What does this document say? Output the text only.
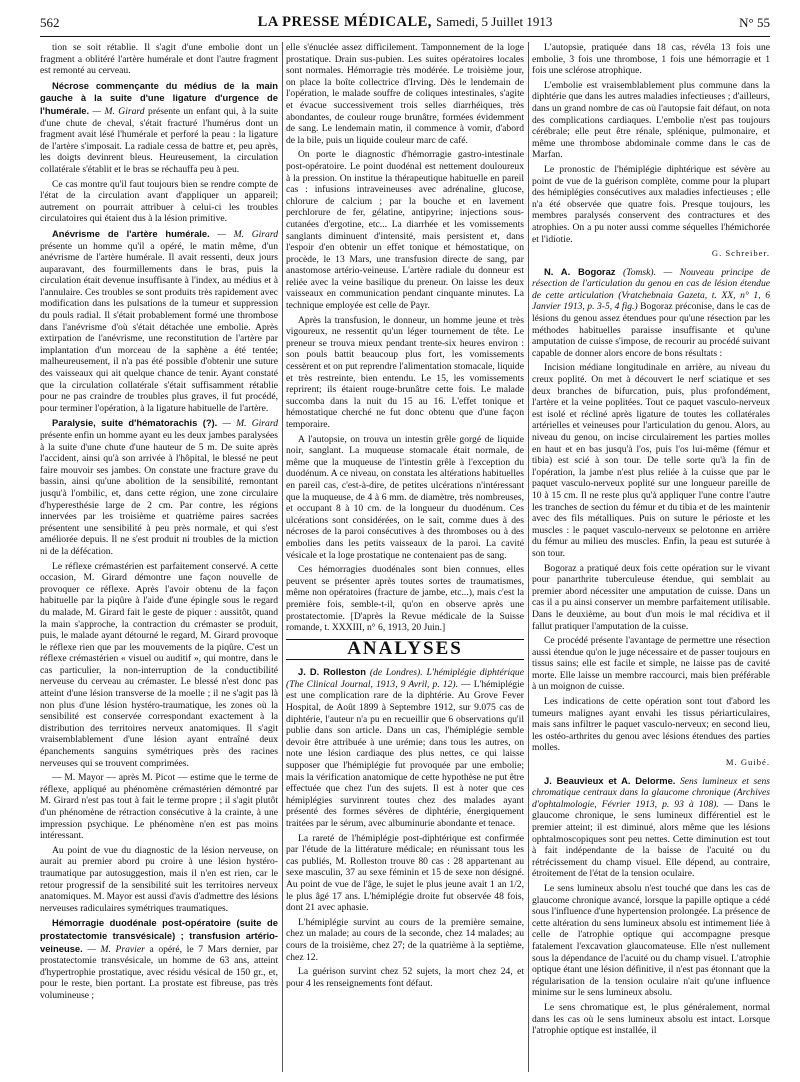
562	LA PRESSE MÉDICALE, Samedi, 5 Juillet 1913	N° 55

tion se soit rétablie. Il s'agit d'une embolie dont un fragment a oblitéré l'artère humérale et dont l'autre fragment est remonté au cerveau.

Nécrose commençante du médius de la main gauche à la suite d'une ligature d'urgence de l'humérale. — M. Girard présente un enfant qui, à la suite d'une chute de cheval, s'était fracturé l'humérus dont un fragment avait lésé l'humérale et perforé la peau : la ligature de l'artère s'imposait. La radiale cessa de battre et, peu après, les doigts devinrent bleus. Heureusement, la circulation collatérale s'établit et le bras se réchauffa peu à peu.

Ce cas montre qu'il faut toujours bien se rendre compte de l'état de la circulation avant d'appliquer un appareil; autrement on pourrait attribuer à celui-ci les troubles circulatoires qui étaient dus à la lésion primitive.

Anévrisme de l'artère humérale. — M. Girard présente un homme qu'il a opéré, le matin même, d'un anévrisme de l'artère humérale. Il avait ressenti, deux jours auparavant, des fourmillements dans le bras, puis la circulation était devenue insuffisante à l'index, au médius et à l'annulaire. Ces troubles se sont produits très rapidement avec modification dans les pulsations de la tumeur et suppression du pouls radial. Il s'était probablement formé une thrombose dans l'anévrisme d'où s'était détachée une embolie. Après extirpation de l'anévrisme, une reconstitution de l'artère par implantation d'un morceau de la saphène a été tentée; malheureusement, il n'a pas été possible d'obtenir une suture des vaisseaux qui ait quelque chance de tenir. Ayant constaté que la circulation collatérale s'était suffisamment rétablie pour ne pas craindre de troubles plus graves, il fut procédé, pour terminer l'opération, à la ligature habituelle de l'artère.

Paralysie, suite d'hématorachis (?). — M. Girard présente enfin un homme ayant eu les deux jambes paralysées à la suite d'une chute d'une hauteur de 5 m. De suite après l'accident, ainsi qu'à son arrivée à l'hôpital, le blessé ne peut faire mouvoir ses jambes. On constate une fracture grave du bassin, ainsi qu'une abolition de la sensibilité, remontant jusqu'à l'ombilic, et, dans cette région, une zone circulaire d'hyperesthésie large de 2 cm. Par contre, les régions innervées par les troisième et quatrième paires sacrées présentent une sensibilité à peu près normale, et qui s'est améliorée depuis. Il ne s'est produit ni troubles de la miction ni de la défécation.

Le réflexe crémastérien est parfaitement conservé. A cette occasion, M. Girard démontre une façon nouvelle de provoquer ce réflexe. Après l'avoir obtenu de la façon habituelle par la piqûre à l'aide d'une épingle sous le regard du malade, M. Girard fait le geste de piquer : aussitôt, quand la main s'approche, la contraction du crémaster se produit, puis, le malade ayant détourné le regard, M. Girard provoque le réflexe rien que par les mouvements de la piqûre. C'est un réflexe crémastérien « visuel ou auditif », qui montre, dans le cas particulier, la non-interruption de la conductibilité nerveuse du cerveau au crémaster. Le blessé n'est donc pas atteint d'une lésion transverse de la moelle ; il ne s'agit pas là non plus d'une lésion hystéro-traumatique, les zones où la sensibilité est conservée correspondant exactement à la distribution des territoires nerveux anatomiques. Il s'agit vraisemblablement d'une lésion ayant entraîné deux épanchements sanguins symétriques près des racines nerveuses qui se trouvent comprimées.

— M. Mayor — après M. Picot — estime que le terme de réflexe, appliqué au phénomène crémastérien démontré par M. Girard n'est pas tout à fait le terme propre ; il s'agit plutôt d'un phénomène de rétraction consécutive à la crainte, à une impression psychique. Le phénomène n'en est pas moins intéressant.

Au point de vue du diagnostic de la lésion nerveuse, on aurait au premier abord pu croire à une lésion hystéro-traumatique par autosuggestion, mais il n'en est rien, car le retour progressif de la sensibilité suit les territoires nerveux anatomiques. M. Mayor est aussi d'avis d'admettre des lésions nerveuses radiculaires symétriques traumatiques.

Hémorragie duodénale post-opératoire (suite de prostatectomie transvésicale) ; transfusion artério-veineuse. — M. Pravier a opéré, le 7 Mars dernier, par prostatectomie transvésicale, un homme de 63 ans, atteint d'hypertrophie prostatique, avec résidu vésical de 150 gr., et, pour le reste, bien portant. La prostate est fibreuse, pas très volumineuse ;

elle s'énuclée assez difficilement. Tamponnement de la loge prostatique. Drain sus-pubien. Les suites opératoires locales sont normales. Hémorragie très modérée. Le troisième jour, on place la boîte collectrice d'Irving. Dès le lendemain de l'opération, le malade souffre de coliques intestinales, s'agite et évacue successivement trois selles diarrhéiques, très abondantes, de couleur rouge brunâtre, formées évidemment de sang. Le lendemain matin, il commence à vomir, d'abord de la bile, puis un liquide couleur marc de café.

On porte le diagnostic d'hémorragie gastro-intestinale post-opératoire. Le point duodénal est nettement douloureux à la pression. On institue la thérapeutique habituelle en pareil cas : infusions intraveineuses avec adrénaline, glucose, chlorure de calcium ; par la bouche et en lavement perchlorure de fer, gélatine, antipyrine; injections sous-cutanées d'ergotine, etc... La diarrhée et les vomissements sanglants diminuent d'intensité, mais persistent et, dans l'espoir d'en obtenir un effet tonique et hémostatique, on procède, le 13 Mars, une transfusion directe de sang, par anastomose artério-veineuse. L'artère radiale du donneur est reliée avec la veine basilique du preneur. On laisse les deux vaisseaux en communication pendant cinquante minutes. La technique employée est celle de Payr.

Après la transfusion, le donneur, un homme jeune et très vigoureux, ne ressentit qu'un léger tournement de tête. Le preneur se trouva mieux pendant trente-six heures environ : son pouls battit beaucoup plus fort, les vomissements cessèrent et on put reprendre l'alimentation stomacale, liquide et très restreinte, bien entendu. Le 15, les vomissements reprirent; ils étaient rouge-brunâtre cette fois. Le malade succomba dans la nuit du 15 au 16. L'effet tonique et hémostatique cherché ne fut donc obtenu que d'une façon temporaire.

A l'autopsie, on trouva un intestin grêle gorgé de liquide noir, sanglant. La muqueuse stomacale était normale, de même que la muqueuse de l'intestin grêle à l'exception du duodénum. A ce niveau, on constata les altérations habituelles en pareil cas, c'est-à-dire, de petites ulcérations n'intéressant que la muqueuse, de 4 à 6 mm. de diamètre, très nombreuses, et occupant 8 à 10 cm. de la longueur du duodénum. Ces ulcérations sont considérées, on le sait, comme dues à des nécroses de la paroi consécutives à des thromboses ou à des embolies dans les petits vaisseaux de la paroi. La cavité vésicale et la loge prostatique ne contenaient pas de sang.

Ces hémorragies duodénales sont bien connues, elles peuvent se présenter après toutes sortes de traumatismes, même non opératoires (fracture de jambe, etc...), mais c'est la première fois, semble-t-il, qu'on en observe après une prostatectomie. [D'après la Revue médicale de la Suisse romande, t. XXXIII, n° 6, 1913, 20 Juin.]

ANALYSES

J. D. Rolleston (de Londres). L'hémiplégie diphtérique (The Clinical Journal, 1913, 9 Avril, p. 12). — L'hémiplégie est une complication rare de la diphtérie. Au Grove Fever Hospital, de Août 1899 à Septembre 1912, sur 9.075 cas de diphtérie, l'auteur n'a pu en recueillir que 6 observations qu'il publie dans son article. Dans un cas, l'hémiplégie semble devoir être attribuée à une urémie; dans tous les autres, on note une lésion cardiaque des plus nettes, ce qui laisse supposer que l'hémiplégie fut provoquée par une embolie; mais la vérification anatomique de cette hypothèse ne put être effectuée que chez l'un des sujets. Il est à noter que ces hémiplégies survinrent toutes chez des malades ayant présenté des formes sévères de diphtérie, énergiquement traitées par le sérum, avec albuminurie abondante et tenace.

La rareté de l'hémiplégie post-diphtérique est confirmée par l'étude de la littérature médicale; en réunissant tous les cas publiés, M. Rolleston trouve 80 cas : 28 appartenant au sexe masculin, 37 au sexe féminin et 15 de sexe non désigné. Au point de vue de l'âge, le sujet le plus jeune avait 1 an 1/2, le plus âgé 17 ans. L'hémiplégie droite fut observée 48 fois, dont 21 avec aphasie.

L'hémiplégie survint au cours de la première semaine, chez un malade; au cours de la seconde, chez 14 malades; au cours de la troisième, chez 27; de la quatrième à la septième, chez 12.

La guérison survint chez 52 sujets, la mort chez 24, et pour 4 les renseignements font défaut.

L'autopsie, pratiquée dans 18 cas, révéla 13 fois une embolie, 3 fois une thrombose, 1 fois une hémorragie et 1 fois une sclérose atrophique.

L'embolie est vraisemblablement plus commune dans la diphtérie que dans les autres maladies infectieuses ; d'ailleurs, dans un grand nombre de cas où l'autopsie fait défaut, on nota des complications cardiaques. L'embolie n'est pas toujours cérébrale; elle peut être rénale, splénique, pulmonaire, et même une thrombose abdominale comme dans le cas de Marfan.

Le pronostic de l'hémiplégie diphtérique est sévère au point de vue de la guérison complète, comme pour la plupart des hémiplégies consécutives aux maladies infectieuses ; elle n'a été observée que quatre fois. Presque toujours, les membres paralysés conservent des contractures et des atrophies. On a pu noter aussi comme séquelles l'hémichorée et l'idiotie.

G. Schreiber.

N. A. Bogoraz (Tomsk). — Nouveau principe de résection de l'articulation du genou en cas de lésion étendue de cette articulation (Vratchebnaia Gazeta, t. XX, n° 1, 6 Janvier 1913, p. 3-5, 4 fig.) Bogoraz préconise, dans le cas de lésions du genou assez étendues pour qu'une résection par les méthodes habituelles paraisse insuffisante et qu'une amputation de cuisse s'impose, de recourir au procédé suivant capable de donner alors encore de bons résultats :

Incision médiane longitudinale en arrière, au niveau du creux poplité. On met à découvert le nerf sciatique et ses deux branches de bifurcation, puis, plus profondément, l'artère et la veine poplitées. Tout ce paquet vasculo-nerveux est isolé et récliné après ligature de toutes les collatérales artérielles et veineuses pour l'articulation du genou. Alors, au niveau du genou, on incise circulairement les parties molles en haut et en bas jusqu'à l'os, puis l'os lui-même (fémur et tibia) est scié à son tour. De telle sorte qu'à la fin de l'opération, la jambe n'est plus reliée à la cuisse que par le paquet vasculo-nerveux poplité sur une longueur pareille de 10 à 15 cm. Il ne reste plus qu'à appliquer l'une contre l'autre les tranches de section du fémur et du tibia et de les maintenir avec des fils métalliques. Puis on suture le périoste et les muscles : le paquet vasculo-nerveux se pelotonne en arrière du fémur au milieu des muscles. Enfin, la peau est suturée à son tour.

Bogoraz a pratiqué deux fois cette opération sur le vivant pour panarthrite tuberculeuse étendue, qui semblait au premier abord nécessiter une amputation de cuisse. Dans un cas il a pu ainsi conserver un membre parfaitement utilisable. Dans le deuxième, au bout d'un mois le mal récidiva et il fallut pratiquer l'amputation de la cuisse.

Ce procédé présente l'avantage de permettre une résection aussi étendue qu'on le juge nécessaire et de passer toujours en tissus sains; elle est facile et simple, ne laisse pas de cavité morte. Elle laisse un membre raccourci, mais bien préférable à un moignon de cuisse.

Les indications de cette opération sont tout d'abord les tumeurs malignes ayant envahi les tissus périarticulaires, mais sans infiltrer le paquet vasculo-nerveux; en second lieu, les ostéo-arthrites du genou avec lésions étendues des parties molles.

M. Guibé.

J. Beauvieux et A. Delorme. Sens lumineux et sens chromatique centraux dans la glaucome chronique (Archives d'ophtalmologie, Février 1913, p. 93 à 108). — Dans le glaucome chronique, le sens lumineux différentiel est le premier atteint; il est diminué, alors même que les lésions ophtalmoscopiques sont peu nettes. Cette diminution est tout à fait indépendante de la baisse de l'acuité ou du rétrécissement du champ visuel. Elle dépend, au contraire, étroitement de l'état de la tension oculaire.

Le sens lumineux absolu n'est touché que dans les cas de glaucome chronique avancé, lorsque la papille optique a cédé sous l'influence d'une hypertension prolongée. La présence de cette altération du sens lumineux absolu est intimement liée à celle de l'atrophie optique qui accompagne presque fatalement l'excavation glaucomateuse. Elle n'est nullement sous la dépendance de l'acuité ou du champ visuel. L'atrophie optique étant une lésion définitive, il n'est pas étonnant que la régularisation de la tension oculaire n'ait qu'une influence minime sur le sens lumineux absolu.

Le sens chromatique est, le plus généralement, normal dans les cas où le sens lumineux absolu est intact. Lorsque l'atrophie optique est installée, il
